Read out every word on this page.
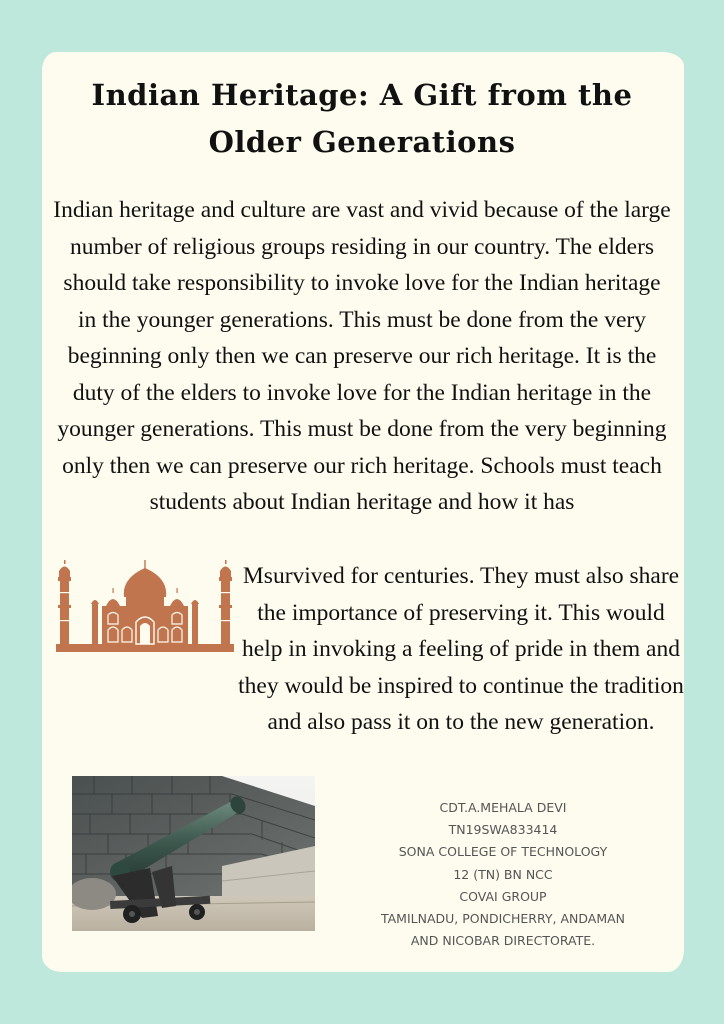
Indian Heritage: A Gift from the Older Generations

Indian heritage and culture are vast and vivid because of the large number of religious groups residing in our country. The elders should take responsibility to invoke love for the Indian heritage in the younger generations. This must be done from the very beginning only then we can preserve our rich heritage. It is the duty of the elders to invoke love for the Indian heritage in the younger generations. This must be done from the very beginning only then we can preserve our rich heritage. Schools must teach students about Indian heritage and how it has

Msurvived for centuries. They must also share the importance of preserving it. This would help in invoking a feeling of pride in them and they would be inspired to continue the tradition and also pass it on to the new generation.

CDT.A.MEHALA DEVI
TN19SWA833414
SONA COLLEGE OF TECHNOLOGY
12 (TN) BN NCC
COVAI GROUP
TAMILNADU, PONDICHERRY, ANDAMAN
AND NICOBAR DIRECTORATE.
